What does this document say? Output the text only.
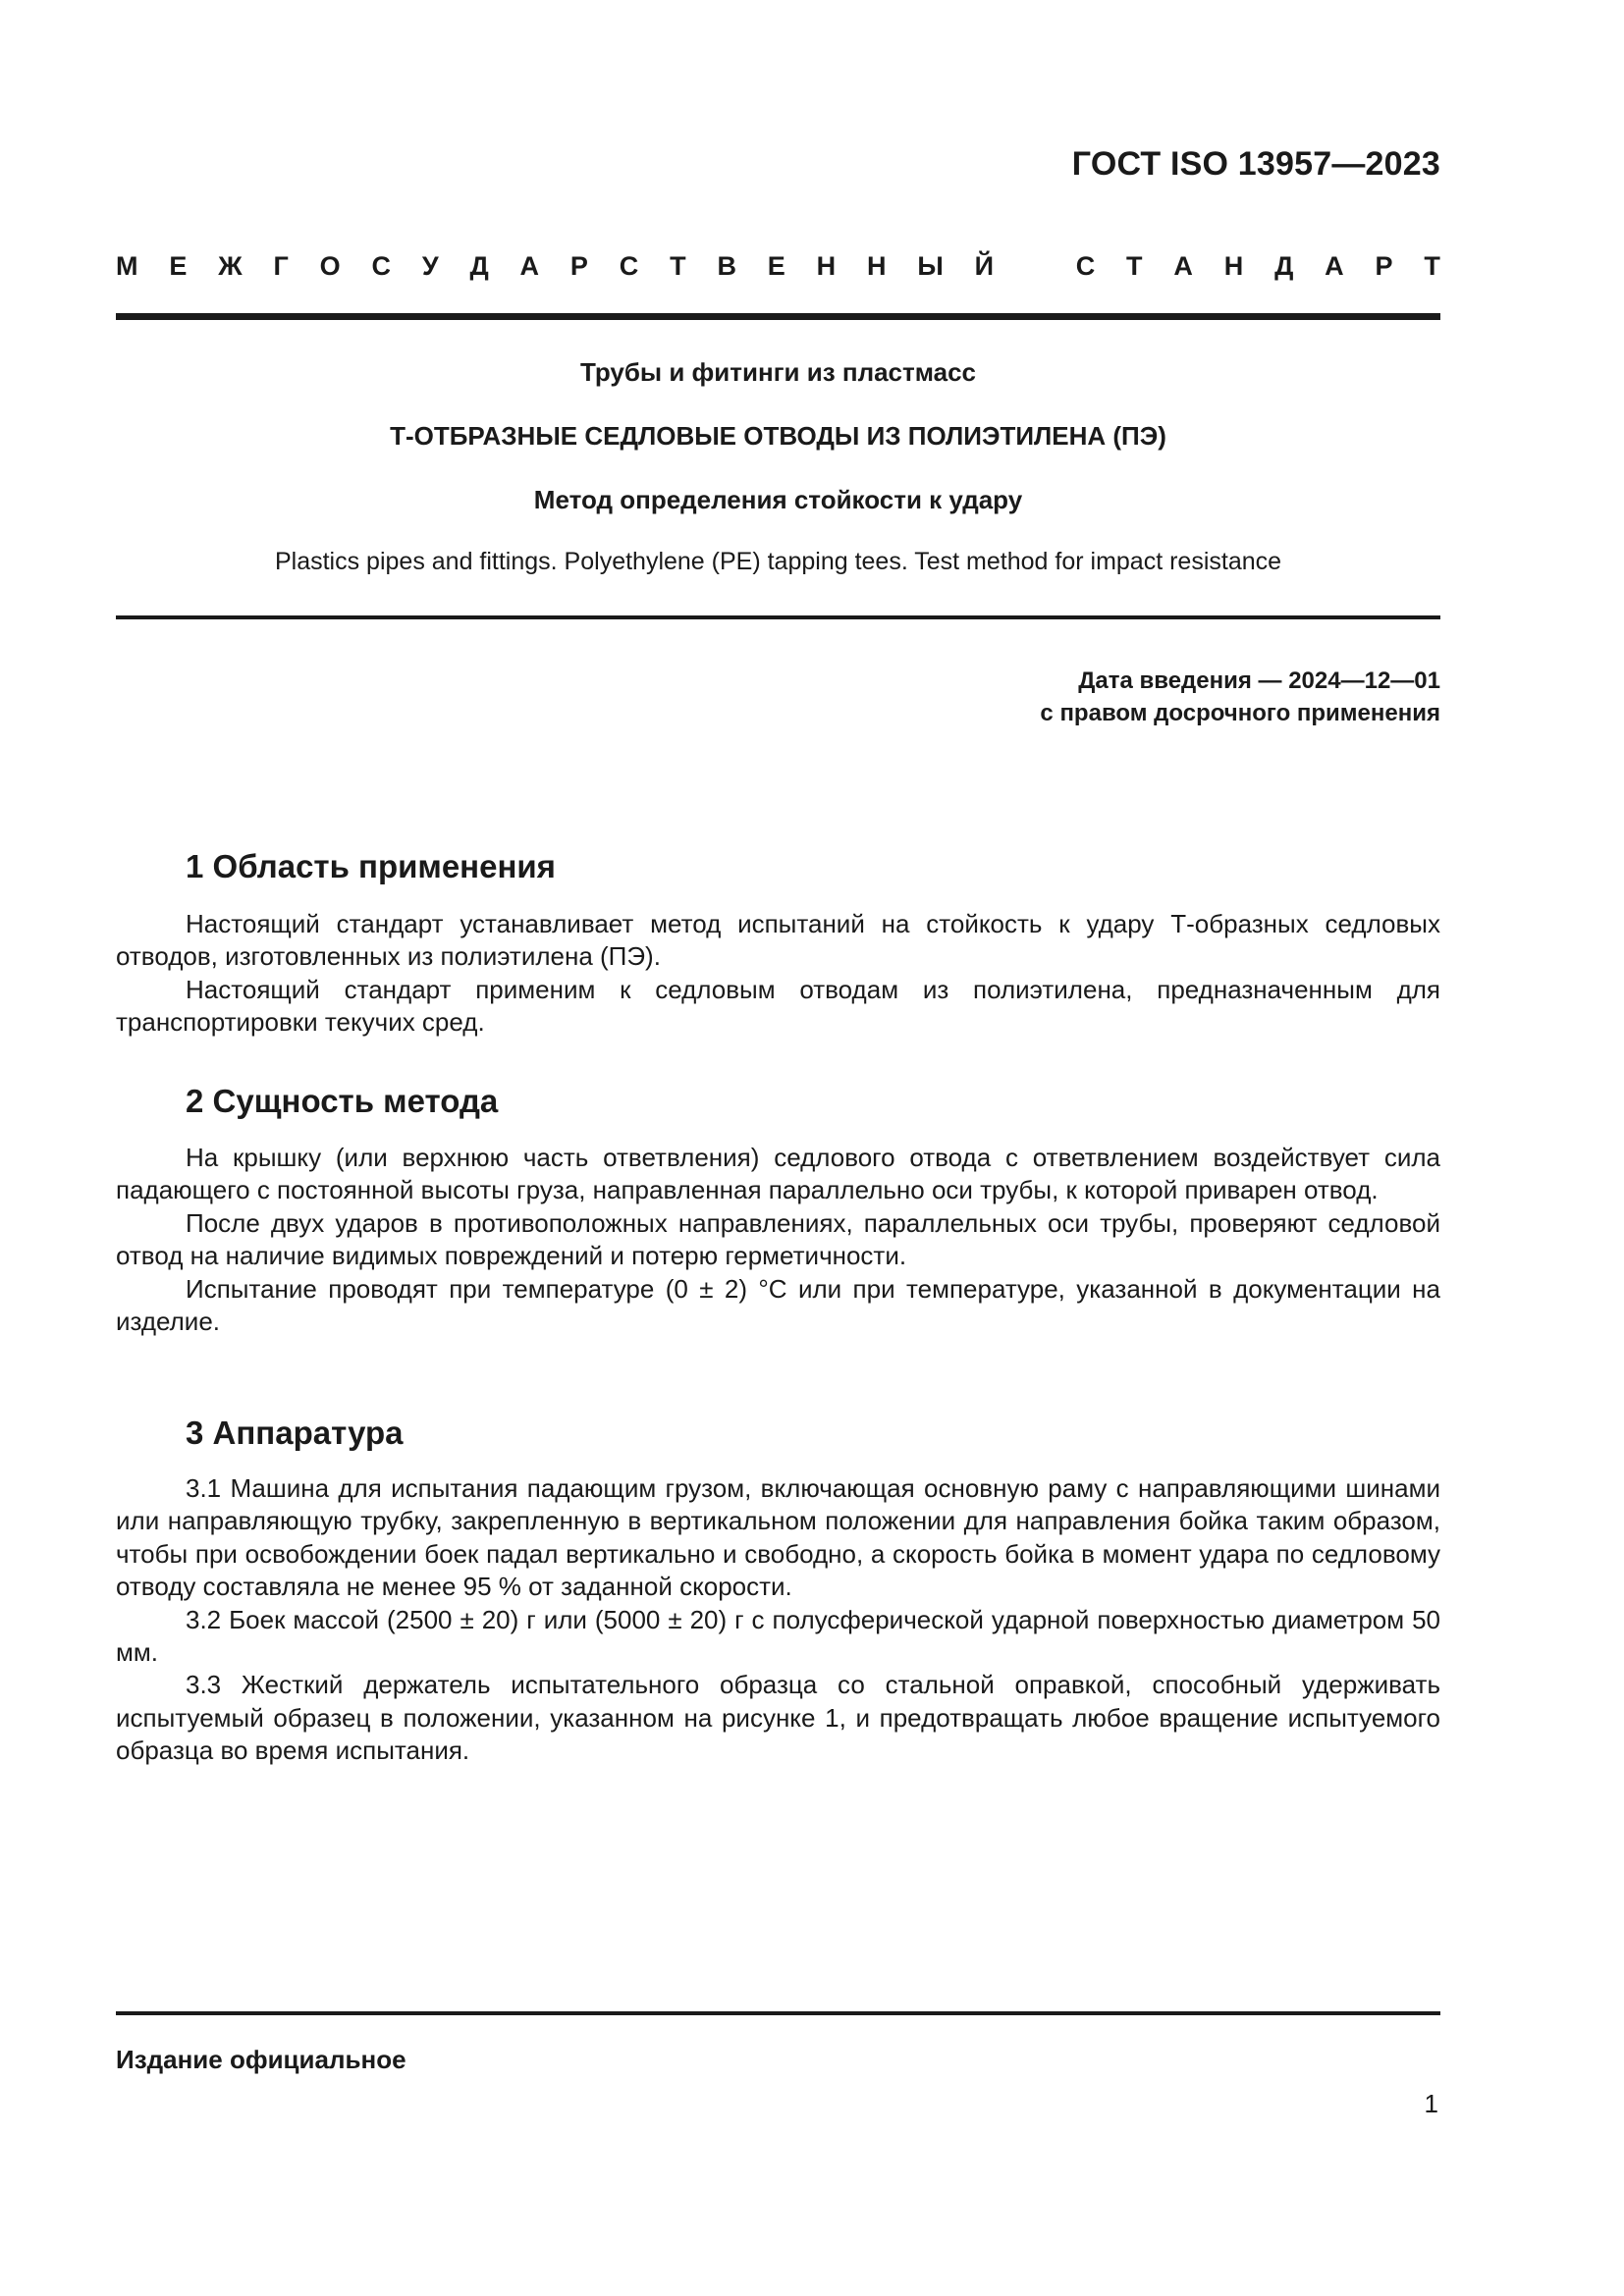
ГОСТ ISO 13957—2023
М Е Ж Г О С У Д А Р С Т В Е Н Н Ы Й	С Т А Н Д А Р Т
Трубы и фитинги из пластмасс
Т-ОТБРАЗНЫЕ СЕДЛОВЫЕ ОТВОДЫ ИЗ ПОЛИЭТИЛЕНА (ПЭ)
Метод определения стойкости к удару
Plastics pipes and fittings. Polyethylene (PE) tapping tees. Test method for impact resistance
Дата введения — 2024—12—01
с правом досрочного применения
1 Область применения

Настоящий стандарт устанавливает метод испытаний на стойкость к удару Т-образных седловых отводов, изготовленных из полиэтилена (ПЭ).

Настоящий стандарт применим к седловым отводам из полиэтилена, предназначенным для транспортировки текучих сред.

2 Сущность метода

На крышку (или верхнюю часть ответвления) седлового отвода с ответвлением воздействует сила падающего с постоянной высоты груза, направленная параллельно оси трубы, к которой приварен отвод.

После двух ударов в противоположных направлениях, параллельных оси трубы, проверяют седловой отвод на наличие видимых повреждений и потерю герметичности.

Испытание проводят при температуре (0 ± 2) °С или при температуре, указанной в документации на изделие.

3 Аппаратура

3.1 Машина для испытания падающим грузом, включающая основную раму с направляющими шинами или направляющую трубку, закрепленную в вертикальном положении для направления бойка таким образом, чтобы при освобождении боек падал вертикально и свободно, а скорость бойка в момент удара по седловому отводу составляла не менее 95 % от заданной скорости.

3.2 Боек массой (2500 ± 20) г или (5000 ± 20) г с полусферической ударной поверхностью диаметром 50 мм.

3.3 Жесткий держатель испытательного образца со стальной оправкой, способный удерживать испытуемый образец в положении, указанном на рисунке 1, и предотвращать любое вращение испытуемого образца во время испытания.

Издание официальное
1
